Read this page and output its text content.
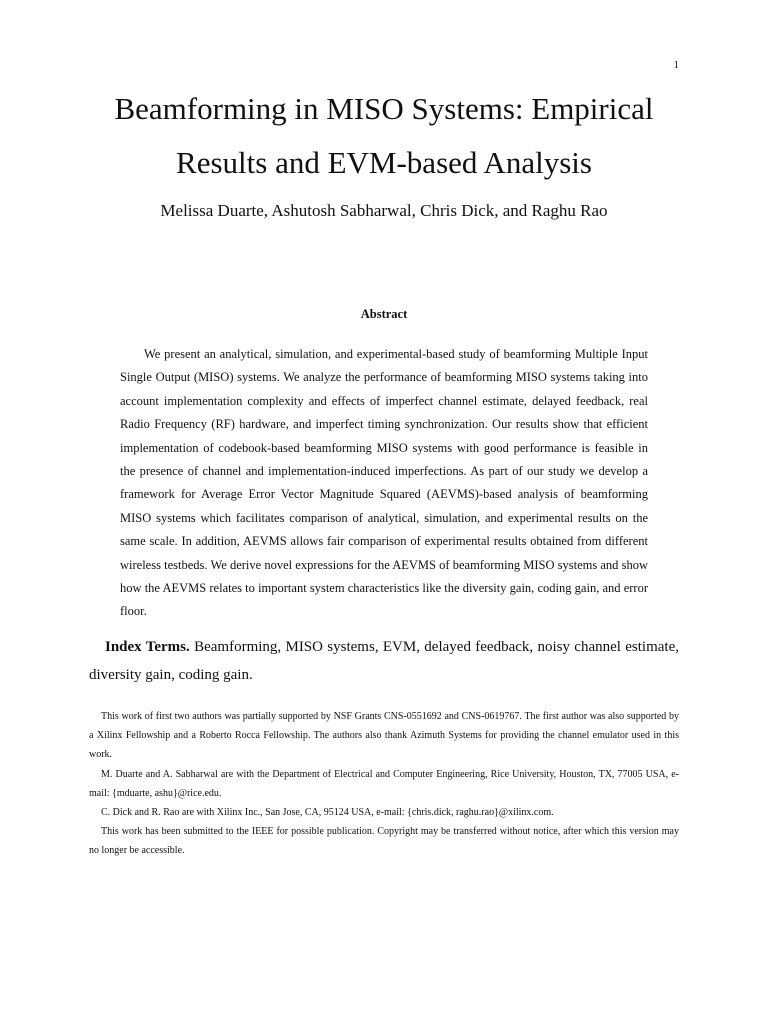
1
Beamforming in MISO Systems: Empirical
Results and EVM-based Analysis
Melissa Duarte, Ashutosh Sabharwal, Chris Dick, and Raghu Rao
Abstract

We present an analytical, simulation, and experimental-based study of beamforming Multiple Input Single Output (MISO) systems. We analyze the performance of beamforming MISO systems taking into account implementation complexity and effects of imperfect channel estimate, delayed feedback, real Radio Frequency (RF) hardware, and imperfect timing synchronization. Our results show that efficient implementation of codebook-based beamforming MISO systems with good performance is feasible in the presence of channel and implementation-induced imperfections. As part of our study we develop a framework for Average Error Vector Magnitude Squared (AEVMS)-based analysis of beamforming MISO systems which facilitates comparison of analytical, simulation, and experimental results on the same scale. In addition, AEVMS allows fair comparison of experimental results obtained from different wireless testbeds. We derive novel expressions for the AEVMS of beamforming MISO systems and show how the AEVMS relates to important system characteristics like the diversity gain, coding gain, and error floor.

Index Terms. Beamforming, MISO systems, EVM, delayed feedback, noisy channel estimate, diversity gain, coding gain.

This work of first two authors was partially supported by NSF Grants CNS-0551692 and CNS-0619767. The first author was also supported by a Xilinx Fellowship and a Roberto Rocca Fellowship. The authors also thank Azimuth Systems for providing the channel emulator used in this work.

M. Duarte and A. Sabharwal are with the Department of Electrical and Computer Engineering, Rice University, Houston, TX, 77005 USA, e-mail: {mduarte, ashu}@rice.edu.

C. Dick and R. Rao are with Xilinx Inc., San Jose, CA, 95124 USA, e-mail: {chris.dick, raghu.rao}@xilinx.com.

This work has been submitted to the IEEE for possible publication. Copyright may be transferred without notice, after which this version may no longer be accessible.
